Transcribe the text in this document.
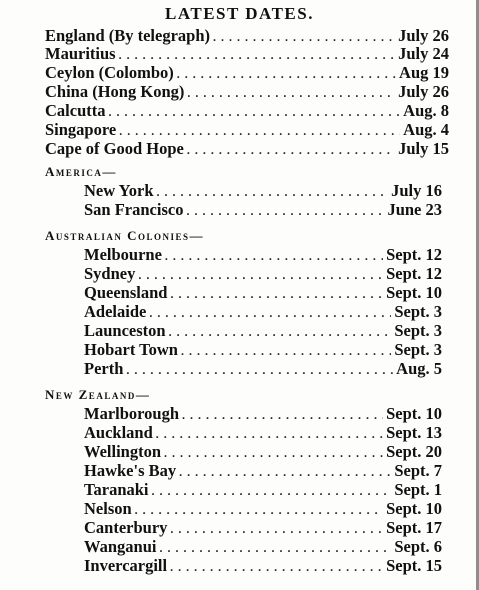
LATEST DATES.
England (By telegraph) . . .	July 26
Mauritius . . .	July 24
Ceylon (Colombo) . . .	Aug 19
China (Hong Kong) . . .	July 26
Calcutta . . .	Aug. 8
Singapore . . .	Aug. 4
Cape of Good Hope . . .	July 15
America—
New York . . .	July 16
San Francisco . . .	June 23
Australian Colonies—
Melbourne . . .	Sept. 12
Sydney . . .	Sept. 12
Queensland . . .	Sept. 10
Adelaide . . .	Sept. 3
Launceston . . .	Sept. 3
Hobart Town . . .	Sept. 3
Perth . . .	Aug. 5
New Zealand—
Marlborough . . .	Sept. 10
Auckland . . .	Sept. 13
Wellington . . .	Sept. 20
Hawke's Bay . . .	Sept. 7
Taranaki . . .	Sept. 1
Nelson . . .	Sept. 10
Canterbury . . .	Sept. 17
Wanganui . . .	Sept. 6
Invercargill . . .	Sept. 15
